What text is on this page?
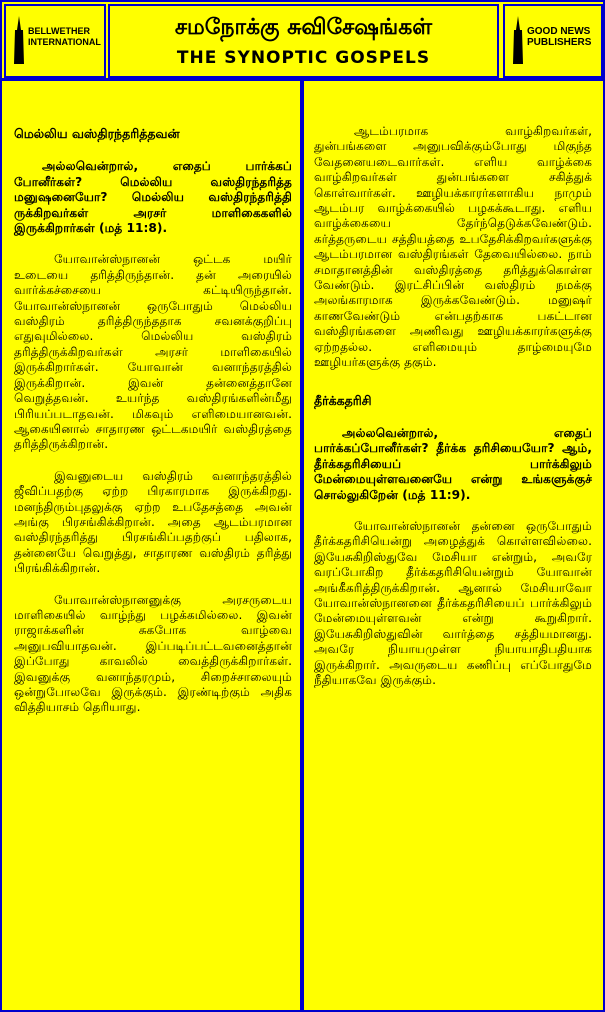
BELLWETHER
INTERNATIONAL
சமநோக்கு சுவிசேஷங்கள்
THE SYNOPTIC GOSPELS
GOOD NEWS
PUBLISHERS

மெல்லிய வஸ்திரந்தரித்தவன்

அல்லவென்றால், எதைப் பார்க்கப் போனீர்கள்? மெல்லிய வஸ்திரந்தரித்த மனுஷனையோ? மெல்லிய வஸ்திரந்தரித்தி ருக்கிறவர்கள் அரசர் மாளிகைகளில் இருக்கிறார்கள் (மத் 11:8).

யோவான்ஸ்நானன் ஒட்டக மயிர் உடையை தரித்திருந்தான். தன் அரையில் வார்க்கச்சையை கட்டியிருந்தான். யோவான்ஸ்நானன் ஒருபோதும் மெல்லிய வஸ்திரம் தரித்திருந்ததாக சவனக்குறிப்பு எதுவுமில்லை. மெல்லிய வஸ்திரம் தரித்திருக்கிறவர்கள் அரசர் மாளிகையில் இருக்கிறார்கள். யோவான் வனாந்தரத்தில் இருக்கிறான். இவன் தன்னைத்தானே வெறுத்தவன். உயர்ந்த வஸ்திரங்களின்மீது பிரியப்படாதவன். மிகவும் எளிமையானவன். ஆகையினால் சாதாரண ஒட்டகமயிர் வஸ்திரத்தை தரித்திருக்கிறான்.

இவனுடைய வஸ்திரம் வனாந்தரத்தில் ஜீவிப்பதற்கு ஏற்ற பிரகாரமாக இருக்கிறது. மனந்திரும்புதலுக்கு ஏற்ற உபதேசத்தை அவன் அங்கு பிரசங்கிக்கிறான். அதை ஆடம்பரமான வஸ்திரந்தரித்து பிரசங்கிப்பதற்குப் பதிலாக, தன்னையே வெறுத்து, சாதாரண வஸ்திரம் தரித்து பிரங்கிக்கிறான்.

யோவான்ஸ்நானனுக்கு அரசருடைய மாளிகையில் வாழ்ந்து பழக்கமில்லை. இவன் ராஜாக்களின் சுகபோக வாழ்வை அனுபவியாதவன். இப்படிப்பட்டவனைத்தான் இப்போது காவலில் வைத்திருக்கிறார்கள். இவனுக்கு வனாந்தரமும், சிறைச்சாலையும் ஒன்றுபோலவே இருக்கும். இரண்டிற்கும் அதிக வித்தியாசம் தெரியாது.

ஆடம்பரமாக வாழ்கிறவர்கள், துன்பங்களை அனுபவிக்கும்போது மிகுந்த வேதனையடைவார்கள். எளிய வாழ்க்கை வாழ்கிறவர்கள் துன்பங்களை சகித்துக் கொள்வார்கள். ஊழியக்காரர்களாகிய நாமும் ஆடம்பர வாழ்க்கையில் பழகக்கூடாது. எளிய வாழ்க்கையை தேர்ந்தெடுக்கவேண்டும். கர்த்தருடைய சத்தியத்தை உபதேசிக்கிறவர்களுக்கு ஆடம்பரமான வஸ்திரங்கள் தேவையில்லை. நாம் சமாதானத்தின் வஸ்திரத்தை தரித்துக்கொள்ள வேண்டும். இரட்சிப்பின் வஸ்திரம் நமக்கு அலங்காரமாக இருக்கவேண்டும். மனுஷர் காணவேண்டும் என்பதற்காக பகட்டான வஸ்திரங்களை அணிவது ஊழியக்காரர்களுக்கு ஏற்றதல்ல. எளிமையும் தாழ்மையுமே ஊழியர்களுக்கு தகும்.

தீர்க்கதரிசி

அல்லவென்றால், எதைப் பார்க்கப்போனீர்கள்? தீர்க்க தரிசியையோ? ஆம், தீர்க்கதரிசியைப் பார்க்கிலும் மேன்மையுள்ளவனையே என்று உங்களுக்குச் சொல்லுகிறேன் (மத் 11:9).

யோவான்ஸ்நானன் தன்னை ஒருபோதும் தீர்க்கதரிசியென்று அழைத்துக் கொள்ளவில்லை. இயேசுகிறிஸ்துவே மேசியா என்றும், அவரே வரப்போகிற தீர்க்கதரிசியென்றும் யோவான் அங்கீகரித்திருக்கிறான். ஆனால் மேசியாவோ யோவான்ஸ்நானனை தீர்க்கதரிசியைப் பார்க்கிலும் மேன்மையுள்ளவன் என்று கூறுகிறார். இயேசுகிறிஸ்துவின் வார்த்தை சத்தியமானது. அவரே நியாயமுள்ள நியாயாதிபதியாக இருக்கிறார். அவருடைய கணிப்பு எப்போதுமே நீதியாகவே இருக்கும்.
